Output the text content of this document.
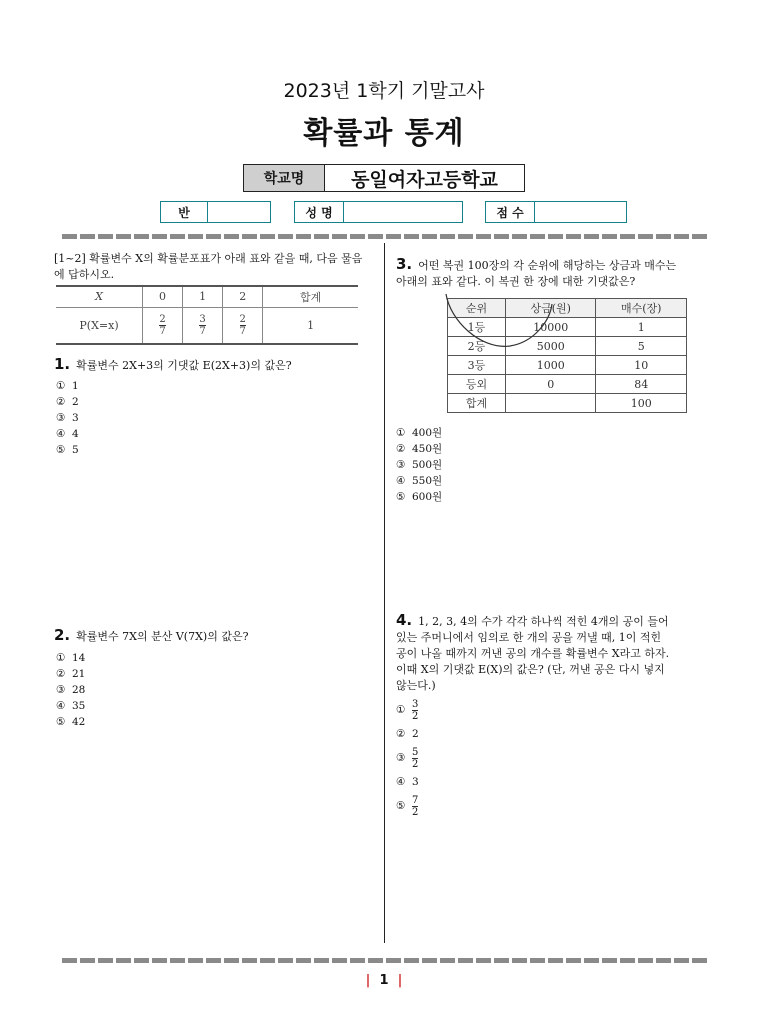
2023년 1학기 기말고사
확률과 통계
학교명	동일여자고등학교
반	성 명	점 수
[1~2] 확률변수 X의 확률분포표가 아래 표와 같을 때, 다음 물음에 답하시오.
X	0	1	2	합계
P(X=x)	$\frac{2}{7}$	$\frac{3}{7}$	$\frac{2}{7}$	1
1. 확률변수 2X+3의 기댓값 E(2X+3)의 값은?
① 1
② 2
③ 3
④ 4
⑤ 5
2. 확률변수 7X의 분산 V(7X)의 값은?
① 14
② 21
③ 28
④ 35
⑤ 42
3. 어떤 복권 100장의 각 순위에 해당하는 상금과 매수는
아래의 표와 같다. 이 복권 한 장에 대한 기댓값은?
순위	상금(원)	매수(장)
1등	10000	1
2등	5000	5
3등	1000	10
등외	0	84
합계		100
① 400원
② 450원
③ 500원
④ 550원
⑤ 600원
4. 1, 2, 3, 4의 수가 각각 하나씩 적힌 4개의 공이 들어
있는 주머니에서 임의로 한 개의 공을 꺼낼 때, 1이 적힌
공이 나올 때까지 꺼낸 공의 개수를 확률변수 X라고 하자.
이때 X의 기댓값 E(X)의 값은? (단, 꺼낸 공은 다시 넣지
않는다.)
① $\frac{3}{2}$
② 2
③ $\frac{5}{2}$
④ 3
⑤ $\frac{7}{2}$
| 1 |
